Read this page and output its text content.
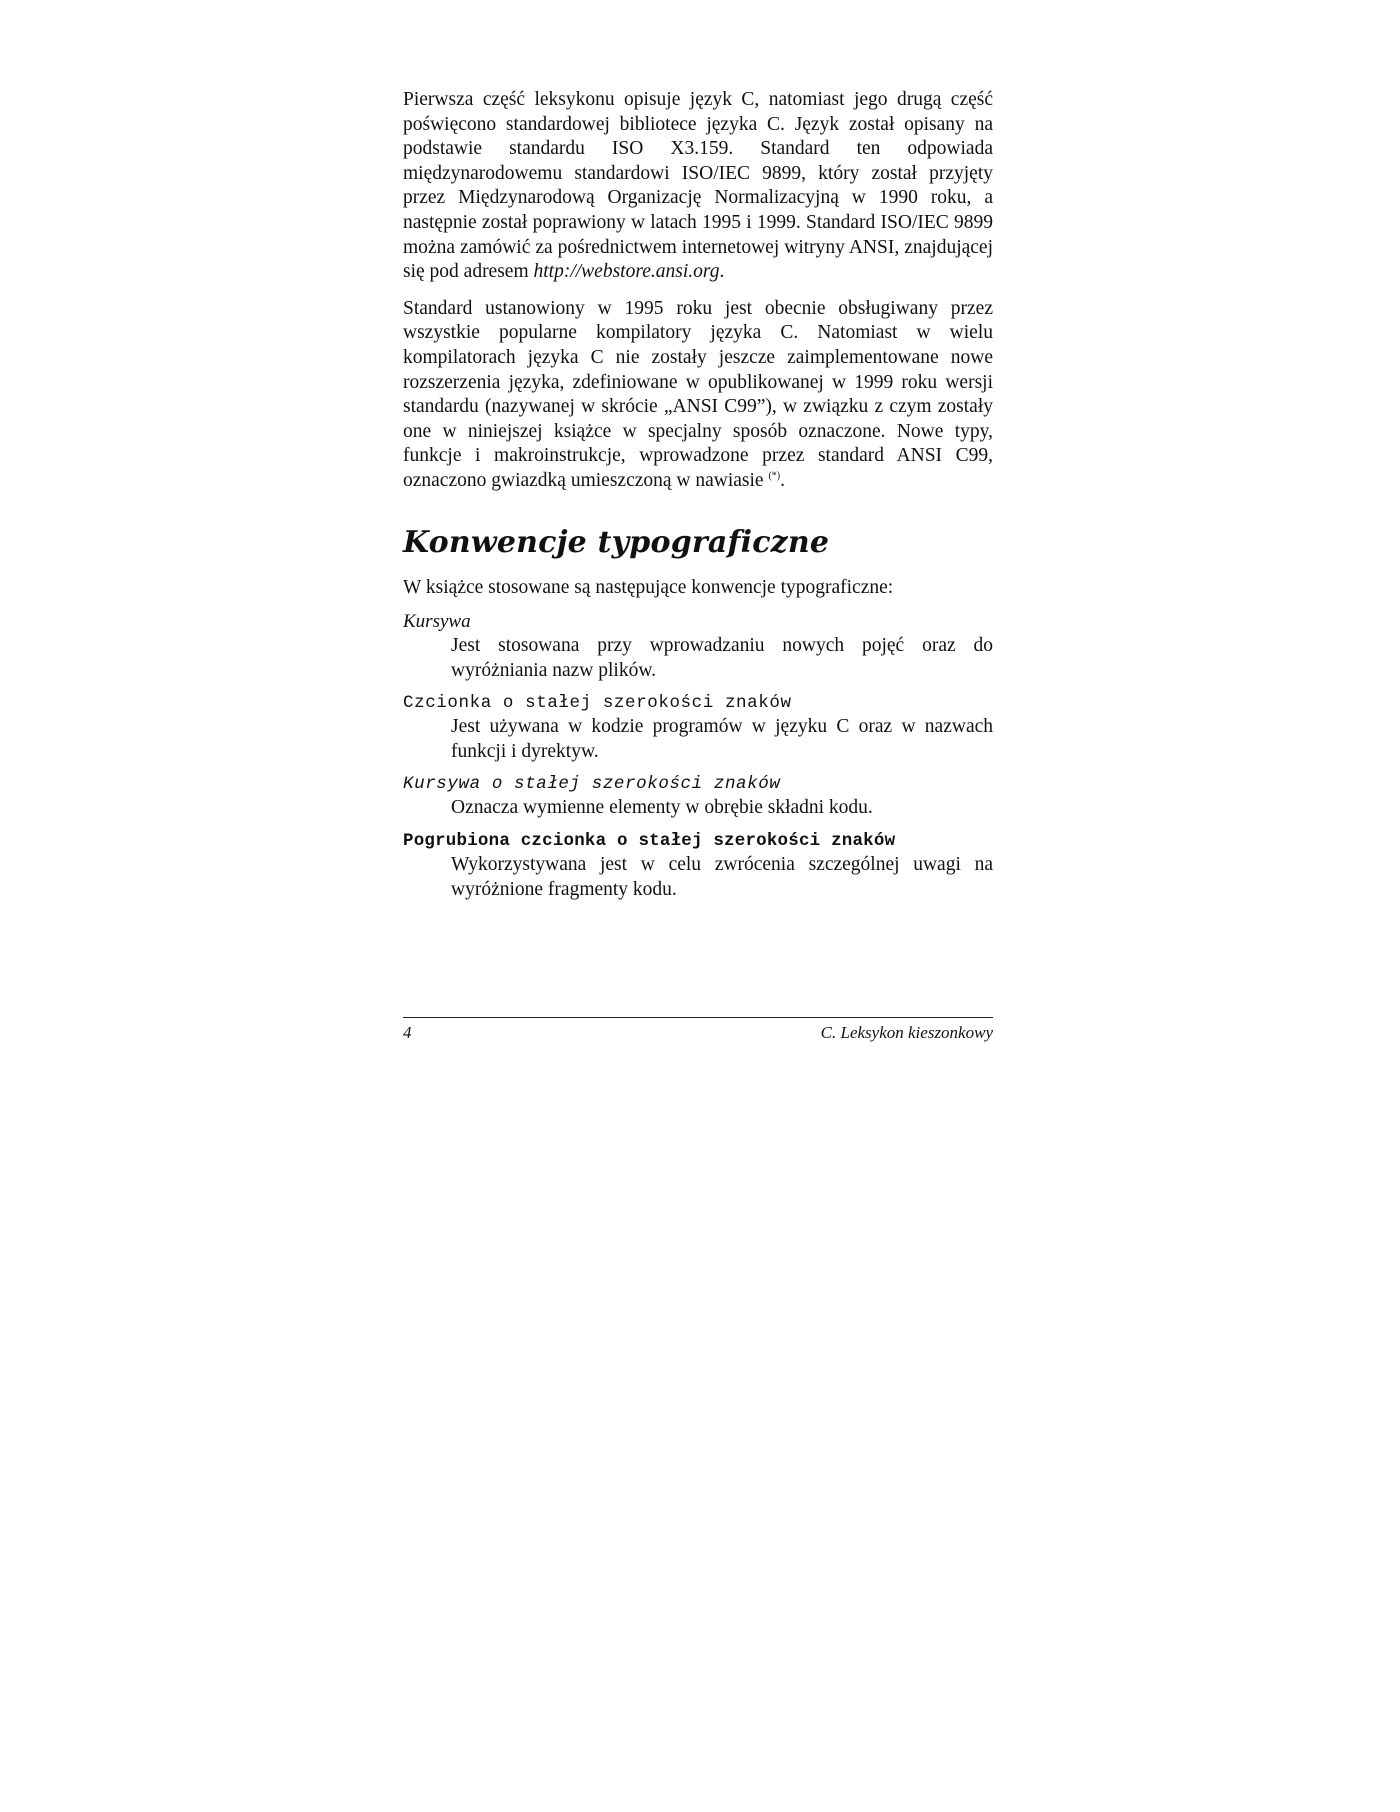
Pierwsza część leksykonu opisuje język C, natomiast jego drugą część poświęcono standardowej bibliotece języka C. Język został opisany na podstawie standardu ISO X3.159. Standard ten odpowiada międzynarodowemu standardowi ISO/IEC 9899, który został przyjęty przez Międzynarodową Organizację Normalizacyjną w 1990 roku, a następnie został poprawiony w latach 1995 i 1999. Standard ISO/IEC 9899 można zamówić za pośrednictwem internetowej witryny ANSI, znajdującej się pod adresem http://webstore.ansi.org.

Standard ustanowiony w 1995 roku jest obecnie obsługiwany przez wszystkie popularne kompilatory języka C. Natomiast w wielu kompilatorach języka C nie zostały jeszcze zaimplementowane nowe rozszerzenia języka, zdefiniowane w opublikowanej w 1999 roku wersji standardu (nazywanej w skrócie „ANSI C99”), w związku z czym zostały one w niniejszej książce w specjalny sposób oznaczone. Nowe typy, funkcje i makroinstrukcje, wprowadzone przez standard ANSI C99, oznaczono gwiazdką umieszczoną w nawiasie (*).

Konwencje typograficzne

W książce stosowane są następujące konwencje typograficzne:

Kursywa
Jest stosowana przy wprowadzaniu nowych pojęć oraz do wyróżniania nazw plików.
Czcionka o stałej szerokości znaków
Jest używana w kodzie programów w języku C oraz w nazwach funkcji i dyrektyw.
Kursywa o stałej szerokości znaków
Oznacza wymienne elementy w obrębie składni kodu.
Pogrubiona czcionka o stałej szerokości znaków
Wykorzystywana jest w celu zwrócenia szczególnej uwagi na wyróżnione fragmenty kodu.
4	C. Leksykon kieszonkowy
